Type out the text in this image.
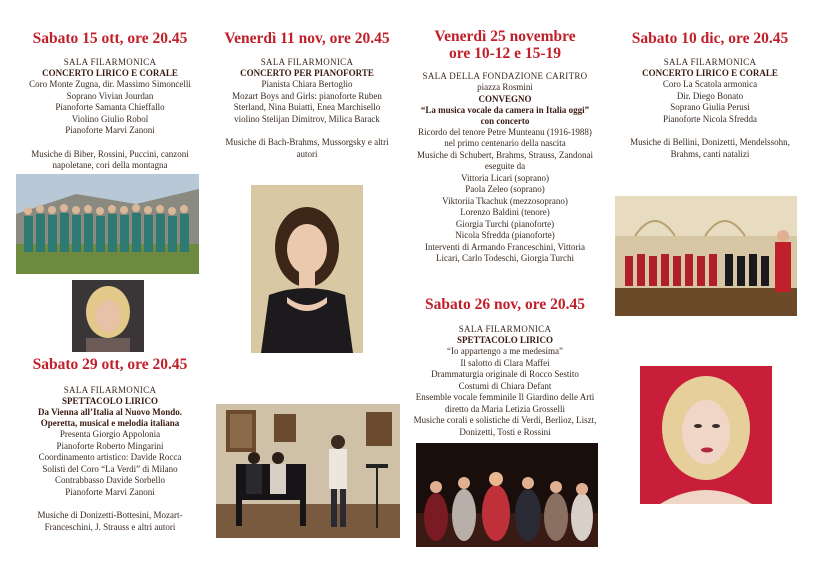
Sabato 15 ott, ore 20.45
SALA FILARMONICA
CONCERTO LIRICO E CORALE
Coro Monte Zugna, dir. Massimo Simoncelli
Soprano Vivian Jourdan
Pianoforte Samanta Chieffallo
Violino Giulio Robol
Pianoforte Marvi Zanoni
Musiche di Biber, Rossini, Puccini, canzoni
napoletane, cori della montagna
Sabato 29 ott, ore 20.45
SALA FILARMONICA
SPETTACOLO LIRICO
Da Vienna all’Italia al Nuovo Mondo.
Operetta, musical e melodia italiana
Presenta Giorgio Appolonia
Pianoforte Roberto Mingarini
Coordinamento artistico: Davide Rocca
Solisti del Coro “La Verdi” di Milano
Contrabbasso Davide Sorbello
Pianoforte Marvi Zanoni
Musiche di Donizetti-Bottesini, Mozart-
Franceschini, J. Strauss e altri autori
Venerdì 11 nov, ore 20.45
SALA FILARMONICA
CONCERTO PER PIANOFORTE
Pianista Chiara Bertoglio
Mozart Boys and Girls: pianoforte Ruben
Sterland, Nina Buiatti, Enea Marchisello
violino Stelijan Dimitrov, Milica Barack
Musiche di Bach-Brahms, Mussorgsky e altri
autori
Venerdì 25 novembre
ore 10-12 e 15-19
SALA DELLA FONDAZIONE CARITRO
piazza Rosmini
CONVEGNO
“La musica vocale da camera in Italia oggi”
con concerto
Ricordo del tenore Petre Munteanu (1916-1988)
nel primo centenario della nascita
Musiche di Schubert, Brahms, Strauss, Zandonai
eseguite da
Vittoria Licari (soprano)
Paola Zeleo (soprano)
Viktoriia Tkachuk (mezzosoprano)
Lorenzo Baldini (tenore)
Giorgia Turchi (pianoforte)
Nicola Sfredda (pianoforte)
Interventi di Armando Franceschini, Vittoria
Licari, Carlo Todeschi, Giorgia Turchi
Sabato 26 nov, ore 20.45
SALA FILARMONICA
SPETTACOLO LIRICO
“Io appartengo a me medesima”
Il salotto di Clara Maffei
Drammaturgia originale di Rocco Sestito
Costumi di Chiara Defant
Ensemble vocale femminile Il Giardino delle Arti
diretto da Maria Letizia Grosselli
Musiche corali e solistiche di Verdi, Berlioz, Liszt,
Donizetti, Tosti e Rossini
Sabato 10 dic, ore 20.45
SALA FILARMONICA
CONCERTO LIRICO E CORALE
Coro La Scatola armonica
Dir. Diego Bonato
Soprano Giulia Perusi
Pianoforte Nicola Sfredda
Musiche di Bellini, Donizetti, Mendelssohn,
Brahms, canti natalizi
